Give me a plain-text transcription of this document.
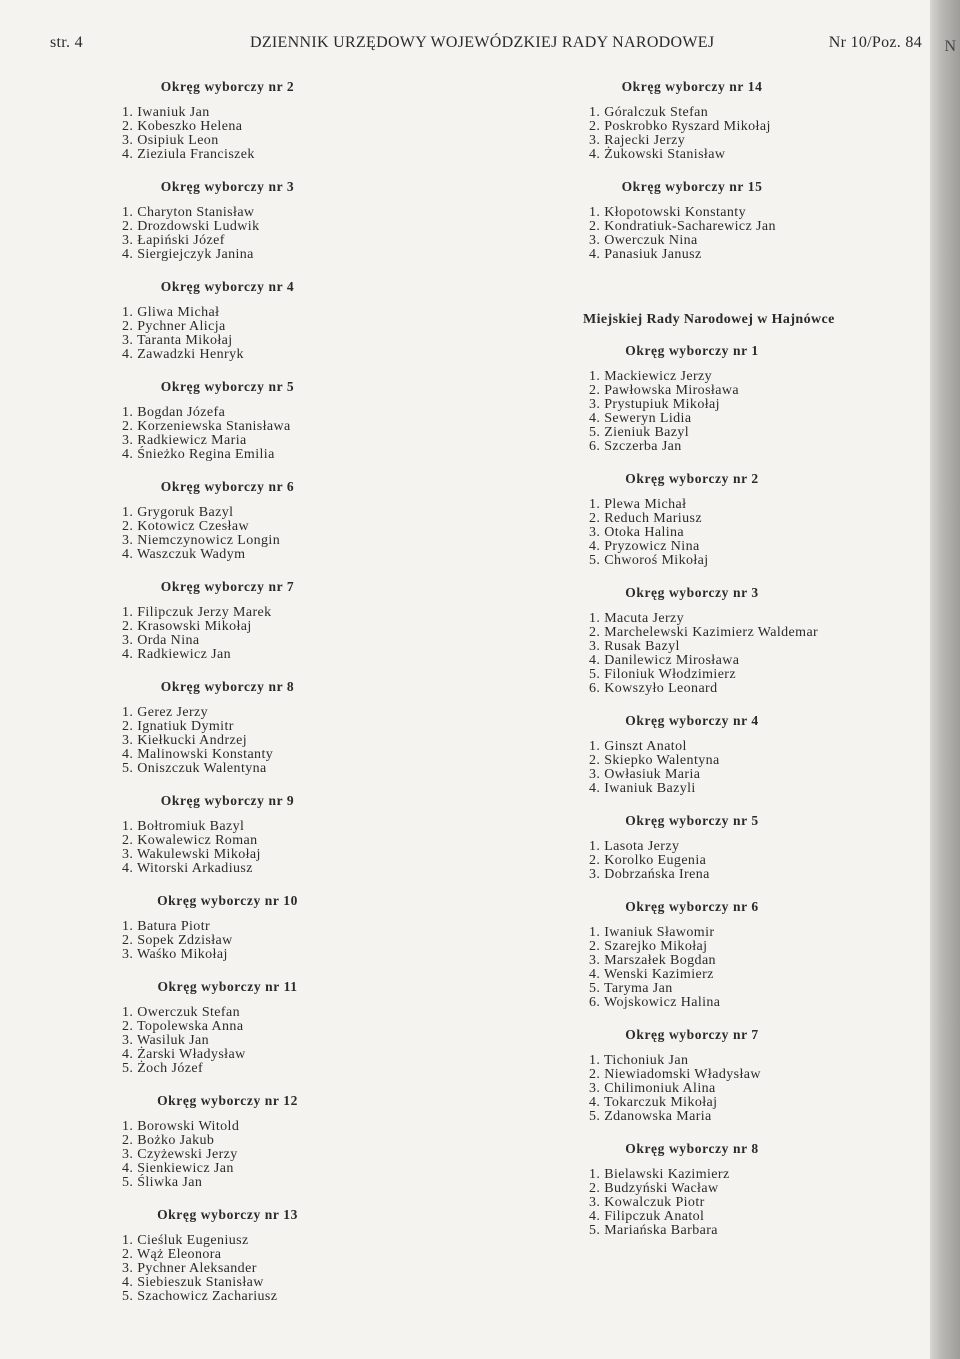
N
str. 4	DZIENNIK URZĘDOWY WOJEWÓDZKIEJ RADY NARODOWEJ	Nr 10/Poz. 84
Okręg wyborczy nr 2
1. Iwaniuk Jan
2. Kobeszko Helena
3. Osipiuk Leon
4. Zieziula Franciszek
Okręg wyborczy nr 3
1. Charyton Stanisław
2. Drozdowski Ludwik
3. Łapiński Józef
4. Siergiejczyk Janina
Okręg wyborczy nr 4
1. Gliwa Michał
2. Pychner Alicja
3. Taranta Mikołaj
4. Zawadzki Henryk
Okręg wyborczy nr 5
1. Bogdan Józefa
2. Korzeniewska Stanisława
3. Radkiewicz Maria
4. Śnieżko Regina Emilia
Okręg wyborczy nr 6
1. Grygoruk Bazyl
2. Kotowicz Czesław
3. Niemczynowicz Longin
4. Waszczuk Wadym
Okręg wyborczy nr 7
1. Filipczuk Jerzy Marek
2. Krasowski Mikołaj
3. Orda Nina
4. Radkiewicz Jan
Okręg wyborczy nr 8
1. Gerez Jerzy
2. Ignatiuk Dymitr
3. Kiełkucki Andrzej
4. Malinowski Konstanty
5. Oniszczuk Walentyna
Okręg wyborczy nr 9
1. Bołtromiuk Bazyl
2. Kowalewicz Roman
3. Wakulewski Mikołaj
4. Witorski Arkadiusz
Okręg wyborczy nr 10
1. Batura Piotr
2. Sopek Zdzisław
3. Waśko Mikołaj
Okręg wyborczy nr 11
1. Owerczuk Stefan
2. Topolewska Anna
3. Wasiluk Jan
4. Żarski Władysław
5. Żoch Józef
Okręg wyborczy nr 12
1. Borowski Witold
2. Bożko Jakub
3. Czyżewski Jerzy
4. Sienkiewicz Jan
5. Śliwka Jan
Okręg wyborczy nr 13
1. Cieśluk Eugeniusz
2. Wąż Eleonora
3. Pychner Aleksander
4. Siebieszuk Stanisław
5. Szachowicz Zachariusz
Okręg wyborczy nr 14
1. Góralczuk Stefan
2. Poskrobko Ryszard Mikołaj
3. Rajecki Jerzy
4. Żukowski Stanisław
Okręg wyborczy nr 15
1. Kłopotowski Konstanty
2. Kondratiuk-Sacharewicz Jan
3. Owerczuk Nina
4. Panasiuk Janusz
Miejskiej Rady Narodowej w Hajnówce
Okręg wyborczy nr 1
1. Mackiewicz Jerzy
2. Pawłowska Mirosława
3. Prystupiuk Mikołaj
4. Seweryn Lidia
5. Zieniuk Bazyl
6. Szczerba Jan
Okręg wyborczy nr 2
1. Plewa Michał
2. Reduch Mariusz
3. Otoka Halina
4. Pryzowicz Nina
5. Chworoś Mikołaj
Okręg wyborczy nr 3
1. Macuta Jerzy
2. Marchelewski Kazimierz Waldemar
3. Rusak Bazyl
4. Danilewicz Mirosława
5. Filoniuk Włodzimierz
6. Kowszyło Leonard
Okręg wyborczy nr 4
1. Ginszt Anatol
2. Skiepko Walentyna
3. Owłasiuk Maria
4. Iwaniuk Bazyli
Okręg wyborczy nr 5
1. Lasota Jerzy
2. Korolko Eugenia
3. Dobrzańska Irena
Okręg wyborczy nr 6
1. Iwaniuk Sławomir
2. Szarejko Mikołaj
3. Marszałek Bogdan
4. Wenski Kazimierz
5. Taryma Jan
6. Wojskowicz Halina
Okręg wyborczy nr 7
1. Tichoniuk Jan
2. Niewiadomski Władysław
3. Chilimoniuk Alina
4. Tokarczuk Mikołaj
5. Zdanowska Maria
Okręg wyborczy nr 8
1. Bielawski Kazimierz
2. Budzyński Wacław
3. Kowalczuk Piotr
4. Filipczuk Anatol
5. Mariańska Barbara
